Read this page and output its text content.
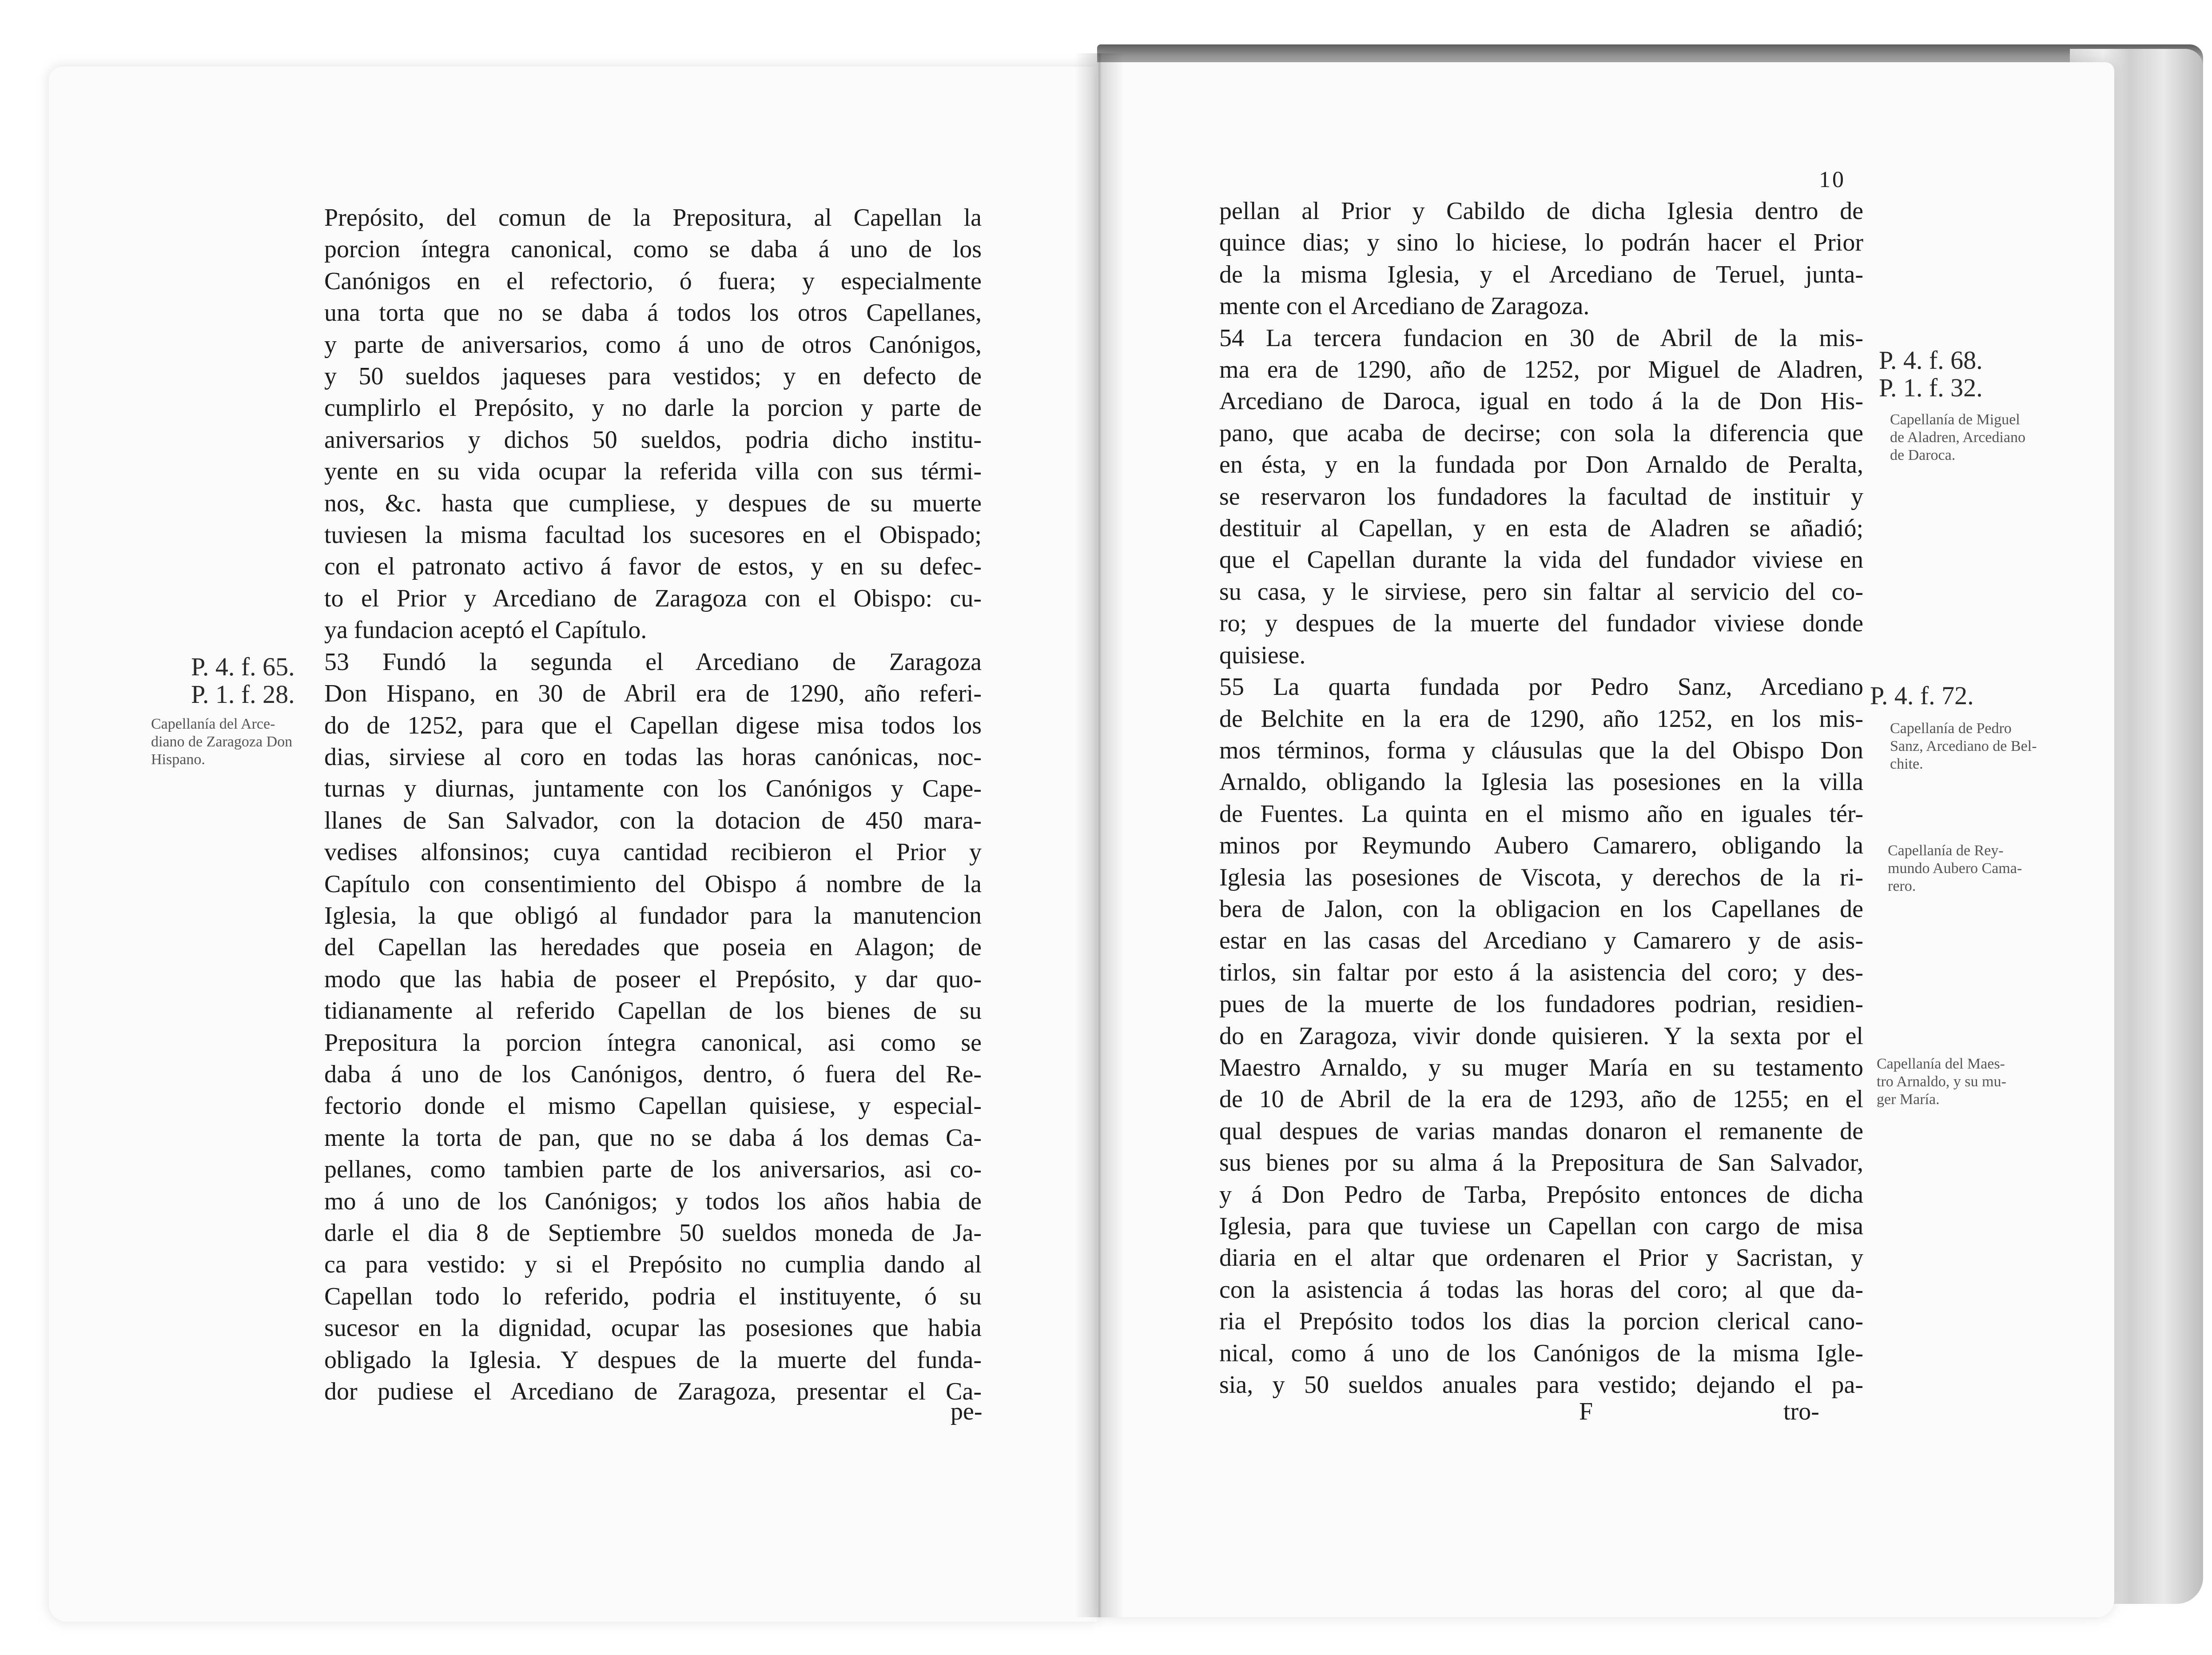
Prepósito, del comun de la Prepositura, al Capellan la
porcion íntegra canonical, como se daba á uno de los
Canónigos en el refectorio, ó fuera; y especialmente
una torta que no se daba á todos los otros Capellanes,
y parte de aniversarios, como á uno de otros Canónigos,
y 50 sueldos jaqueses para vestidos; y en defecto de
cumplirlo el Prepósito, y no darle la porcion y parte de
aniversarios y dichos 50 sueldos, podria dicho institu-
yente en su vida ocupar la referida villa con sus térmi-
nos, &c. hasta que cumpliese, y despues de su muerte
tuviesen la misma facultad los sucesores en el Obispado;
con el patronato activo á favor de estos, y en su defec-
to el Prior y Arcediano de Zaragoza con el Obispo: cu-
ya fundacion aceptó el Capítulo.
53 Fundó la segunda el Arcediano de Zaragoza
Don Hispano, en 30 de Abril era de 1290, año referi-
do de 1252, para que el Capellan digese misa todos los
dias, sirviese al coro en todas las horas canónicas, noc-
turnas y diurnas, juntamente con los Canónigos y Cape-
llanes de San Salvador, con la dotacion de 450 mara-
vedises alfonsinos; cuya cantidad recibieron el Prior y
Capítulo con consentimiento del Obispo á nombre de la
Iglesia, la que obligó al fundador para la manutencion
del Capellan las heredades que poseia en Alagon; de
modo que las habia de poseer el Prepósito, y dar quo-
tidianamente al referido Capellan de los bienes de su
Prepositura la porcion íntegra canonical, asi como se
daba á uno de los Canónigos, dentro, ó fuera del Re-
fectorio donde el mismo Capellan quisiese, y especial-
mente la torta de pan, que no se daba á los demas Ca-
pellanes, como tambien parte de los aniversarios, asi co-
mo á uno de los Canónigos; y todos los años habia de
darle el dia 8 de Septiembre 50 sueldos moneda de Ja-
ca para vestido: y si el Prepósito no cumplia dando al
Capellan todo lo referido, podria el instituyente, ó su
sucesor en la dignidad, ocupar las posesiones que habia
obligado la Iglesia. Y despues de la muerte del funda-
dor pudiese el Arcediano de Zaragoza, presentar el Ca-
pe-
P. 4. f. 65.
P. 1. f. 28.
Capellanía del Arce-
diano de Zaragoza Don
Hispano.
10
pellan al Prior y Cabildo de dicha Iglesia dentro de
quince dias; y sino lo hiciese, lo podrán hacer el Prior
de la misma Iglesia, y el Arcediano de Teruel, junta-
mente con el Arcediano de Zaragoza.
54 La tercera fundacion en 30 de Abril de la mis-
ma era de 1290, año de 1252, por Miguel de Aladren,
Arcediano de Daroca, igual en todo á la de Don His-
pano, que acaba de decirse; con sola la diferencia que
en ésta, y en la fundada por Don Arnaldo de Peralta,
se reservaron los fundadores la facultad de instituir y
destituir al Capellan, y en esta de Aladren se añadió;
que el Capellan durante la vida del fundador viviese en
su casa, y le sirviese, pero sin faltar al servicio del co-
ro; y despues de la muerte del fundador viviese donde
quisiese.
55 La quarta fundada por Pedro Sanz, Arcediano
de Belchite en la era de 1290, año 1252, en los mis-
mos términos, forma y cláusulas que la del Obispo Don
Arnaldo, obligando la Iglesia las posesiones en la villa
de Fuentes. La quinta en el mismo año en iguales tér-
minos por Reymundo Aubero Camarero, obligando la
Iglesia las posesiones de Viscota, y derechos de la ri-
bera de Jalon, con la obligacion en los Capellanes de
estar en las casas del Arcediano y Camarero y de asis-
tirlos, sin faltar por esto á la asistencia del coro; y des-
pues de la muerte de los fundadores podrian, residien-
do en Zaragoza, vivir donde quisieren. Y la sexta por el
Maestro Arnaldo, y su muger María en su testamento
de 10 de Abril de la era de 1293, año de 1255; en el
qual despues de varias mandas donaron el remanente de
sus bienes por su alma á la Prepositura de San Salvador,
y á Don Pedro de Tarba, Prepósito entonces de dicha
Iglesia, para que tuviese un Capellan con cargo de misa
diaria en el altar que ordenaren el Prior y Sacristan, y
con la asistencia á todas las horas del coro; al que da-
ria el Prepósito todos los dias la porcion clerical cano-
nical, como á uno de los Canónigos de la misma Igle-
sia, y 50 sueldos anuales para vestido; dejando el pa-
F	tro-
P. 4. f. 68.
P. 1. f. 32.
Capellanía de Miguel
de Aladren, Arcediano
de Daroca.
P. 4. f. 72.
Capellanía de Pedro
Sanz, Arcediano de Bel-
chite.
Capellanía de Rey-
mundo Aubero Cama-
rero.
Capellanía del Maes-
tro Arnaldo, y su mu-
ger María.
